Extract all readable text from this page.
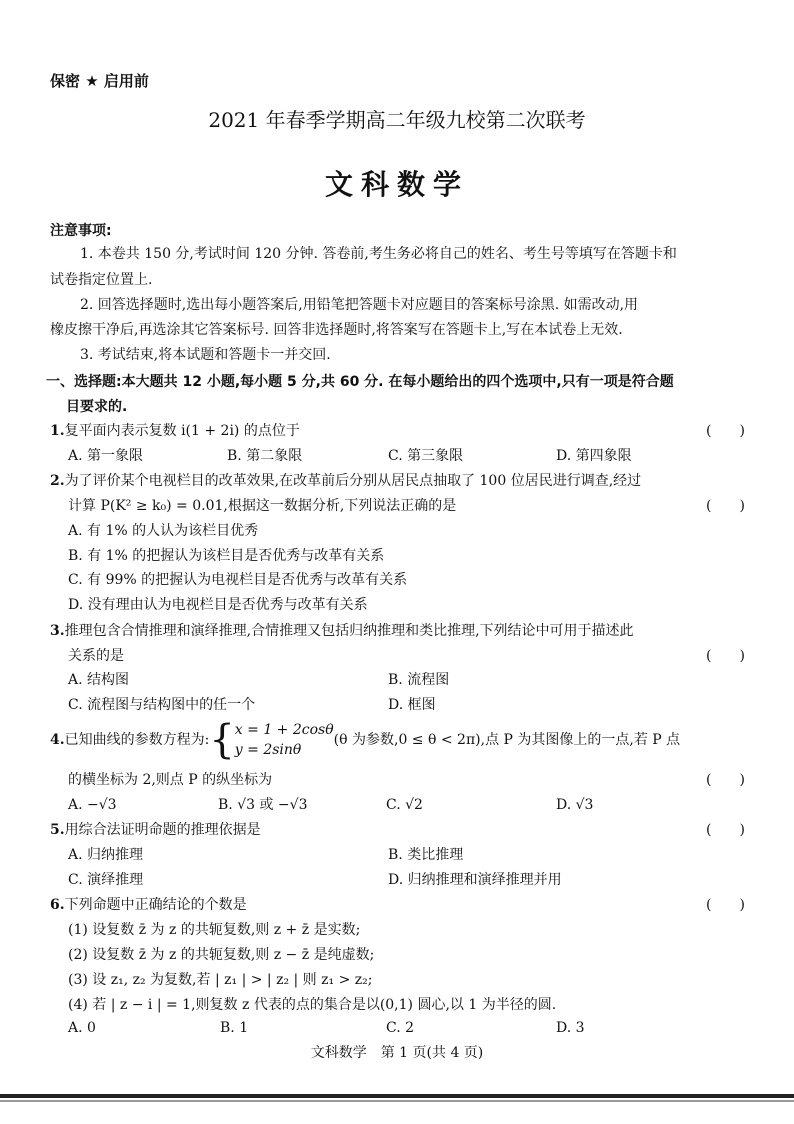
保密 ★ 启用前
2021 年春季学期高二年级九校第二次联考
文科数学
注意事项:
1. 本卷共 150 分,考试时间 120 分钟. 答卷前,考生务必将自己的姓名、考生号等填写在答题卡和
试卷指定位置上.
2. 回答选择题时,选出每小题答案后,用铅笔把答题卡对应题目的答案标号涂黑. 如需改动,用
橡皮擦干净后,再选涂其它答案标号. 回答非选择题时,将答案写在答题卡上,写在本试卷上无效.
3. 考试结束,将本试题和答题卡一并交回.
一、选择题:本大题共 12 小题,每小题 5 分,共 60 分. 在每小题给出的四个选项中,只有一项是符合题
目要求的.
1.复平面内表示复数 i(1 + 2i) 的点位于	(　　)
A. 第一象限	B. 第二象限	C. 第三象限	D. 第四象限
2.为了评价某个电视栏目的改革效果,在改革前后分别从居民点抽取了 100 位居民进行调查,经过
计算 P(K² ≥ k₀) = 0.01,根据这一数据分析,下列说法正确的是	(　　)
A. 有 1% 的人认为该栏目优秀
B. 有 1% 的把握认为该栏目是否优秀与改革有关系
C. 有 99% 的把握认为电视栏目是否优秀与改革有关系
D. 没有理由认为电视栏目是否优秀与改革有关系
3.推理包含合情推理和演绎推理,合情推理又包括归纳推理和类比推理,下列结论中可用于描述此
关系的是	(　　)
A. 结构图	B. 流程图
C. 流程图与结构图中的任一个	D. 框图
4. 已知曲线的参数方程为: { x = 1 + 2cosθ
y = 2sinθ
(θ 为参数,0 ≤ θ < 2π),点 P 为其图像上的一点,若 P 点
的横坐标为 2,则点 P 的纵坐标为	(　　)
A. −√3	B. √3 或 −√3	C. √2	D. √3
5.用综合法证明命题的推理依据是	(　　)
A. 归纳推理	B. 类比推理
C. 演绎推理	D. 归纳推理和演绎推理并用
6.下列命题中正确结论的个数是	(　　)
(1) 设复数 z̄ 为 z 的共轭复数,则 z + z̄ 是实数;
(2) 设复数 z̄ 为 z 的共轭复数,则 z − z̄ 是纯虚数;
(3) 设 z₁, z₂ 为复数,若 | z₁ | > | z₂ | 则 z₁ > z₂;
(4) 若 | z − i | = 1,则复数 z 代表的点的集合是以(0,1) 圆心,以 1 为半径的圆.
A. 0	B. 1	C. 2	D. 3
文科数学　第 1 页(共 4 页)
